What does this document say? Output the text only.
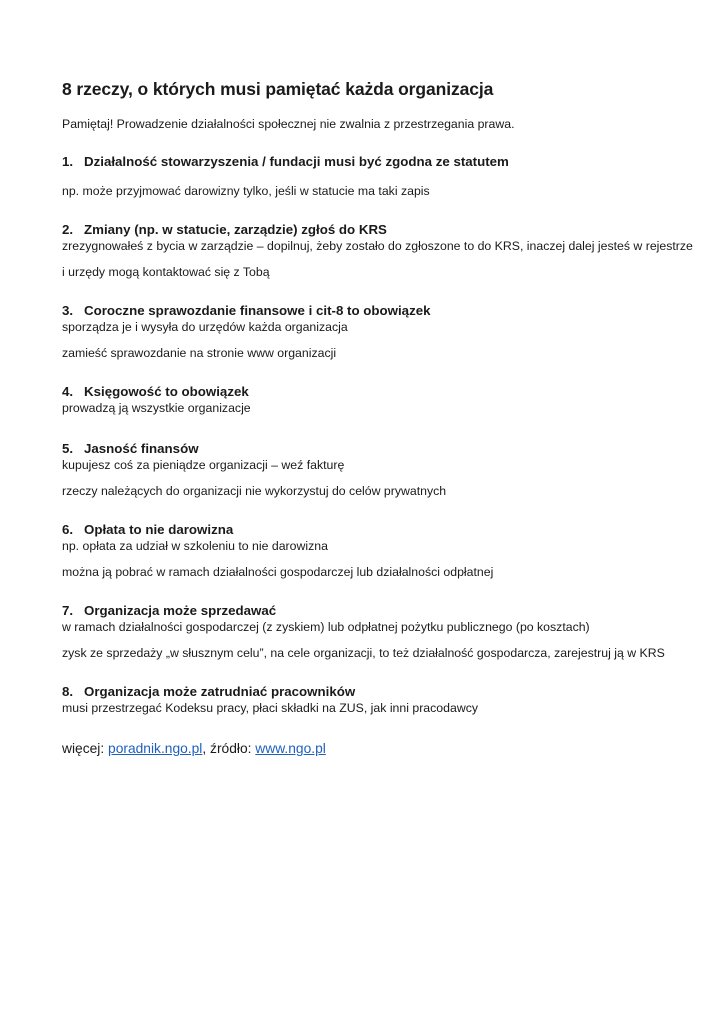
8 rzeczy, o których musi pamiętać każda organizacja

Pamiętaj! Prowadzenie działalności społecznej nie zwalnia z przestrzegania prawa.

1. Działalność stowarzyszenia / fundacji musi być zgodna ze statutem

np. może przyjmować darowizny tylko, jeśli w statucie ma taki zapis

2. Zmiany (np. w statucie, zarządzie) zgłoś do KRS

zrezygnowałeś z bycia w zarządzie – dopilnuj, żeby zostało do zgłoszone to do KRS, inaczej dalej jesteś w rejestrze

i urzędy mogą kontaktować się z Tobą

3. Coroczne sprawozdanie finansowe i cit-8 to obowiązek

sporządza je i wysyła do urzędów każda organizacja

zamieść sprawozdanie na stronie www organizacji

4. Księgowość to obowiązek

prowadzą ją wszystkie organizacje

5. Jasność finansów

kupujesz coś za pieniądze organizacji – weź fakturę

rzeczy należących do organizacji nie wykorzystuj do celów prywatnych

6. Opłata to nie darowizna

np. opłata za udział w szkoleniu to nie darowizna

można ją pobrać w ramach działalności gospodarczej lub działalności odpłatnej

7. Organizacja może sprzedawać

w ramach działalności gospodarczej (z zyskiem) lub odpłatnej pożytku publicznego (po kosztach)

zysk ze sprzedaży „w słusznym celu”, na cele organizacji, to też działalność gospodarcza, zarejestruj ją w KRS

8. Organizacja może zatrudniać pracowników

musi przestrzegać Kodeksu pracy, płaci składki na ZUS, jak inni pracodawcy

więcej: poradnik.ngo.pl, źródło: www.ngo.pl
